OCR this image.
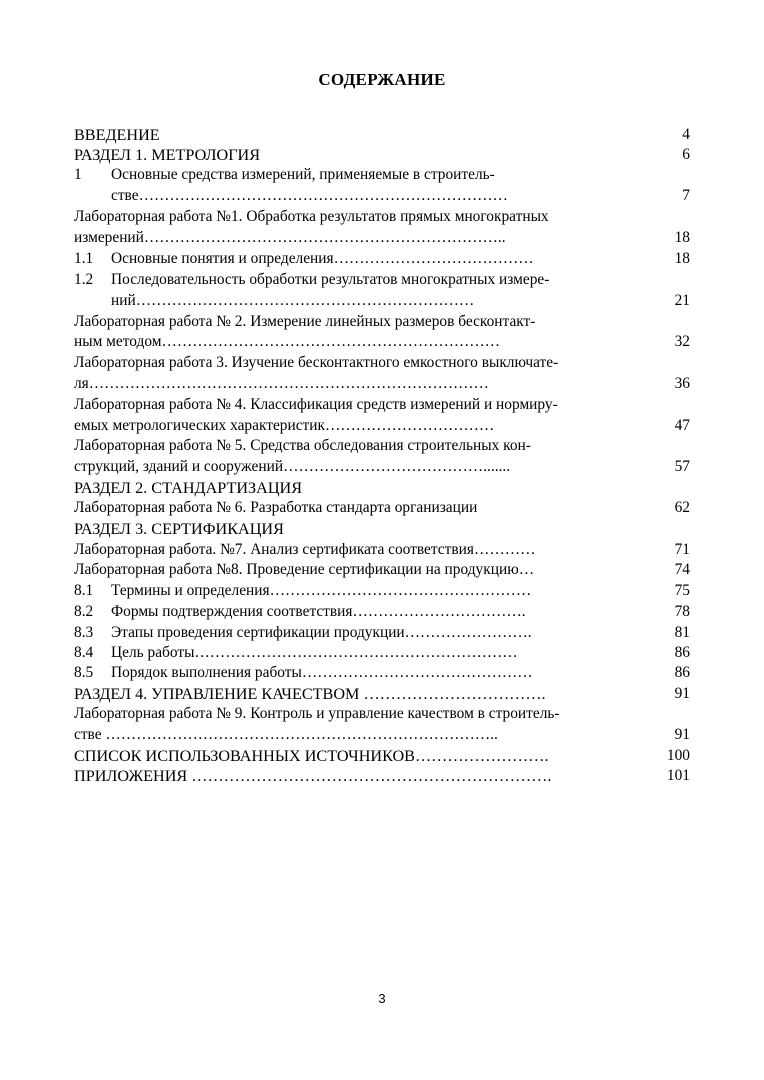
СОДЕРЖАНИЕ
ВВЕДЕНИЕ	4
РАЗДЕЛ 1. МЕТРОЛОГИЯ	6
1 Основные средства измерений, применяемые в строитель-
стве………………………………………………………………	7
Лабораторная работа №1. Обработка результатов прямых многократных
измерений……………………………………………………………..	18
1.1 Основные понятия и определения…………………………………	18
1.2 Последовательность обработки результатов многократных измере-
ний…………………………………………………………	21
Лабораторная работа № 2. Измерение линейных размеров бесконтакт-
ным методом…………………………………………………………	32
Лабораторная работа 3. Изучение бесконтактного емкостного выключате-
ля……………………………………………………………………	36
Лабораторная работа № 4. Классификация средств измерений и нормиру-
емых метрологических характеристик……………………………	47
Лабораторная работа № 5. Средства обследования строительных кон-
струкций, зданий и сооружений………………………………….......	57
РАЗДЕЛ 2. СТАНДАРТИЗАЦИЯ
Лабораторная работа № 6. Разработка стандарта организации	62
РАЗДЕЛ 3. СЕРТИФИКАЦИЯ
Лабораторная работа. №7. Анализ сертификата соответствия…………	71
Лабораторная работа №8. Проведение сертификации на продукцию…	74
8.1 Термины и определения……………………………………………	75
8.2 Формы подтверждения соответствия…………………………….	78
8.3 Этапы проведения сертификации продукции…………………….	81
8.4 Цель работы………………………………………………………	86
8.5 Порядок выполнения работы………………………………………	86
РАЗДЕЛ 4. УПРАВЛЕНИЕ КАЧЕСТВОМ …………………………….	91
Лабораторная работа № 9. Контроль и управление качеством в строитель-
стве …………………………………………………………………..	91
СПИСОК ИСПОЛЬЗОВАННЫХ ИСТОЧНИКОВ…………………….	100
ПРИЛОЖЕНИЯ ………………………………………………………….	101
3
